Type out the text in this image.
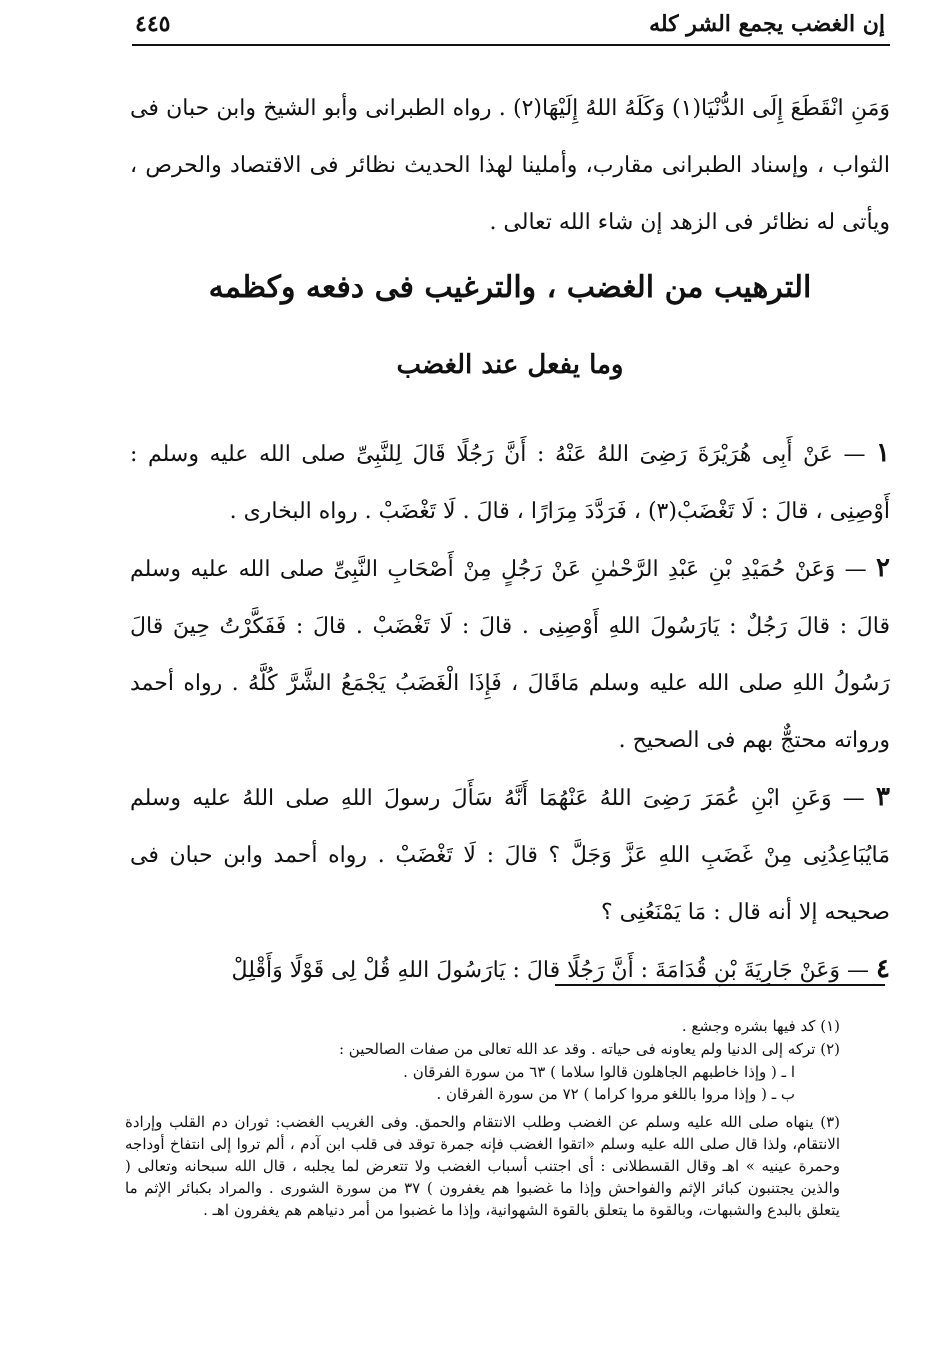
إن الغضب يجمع الشر كله
٤٤٥
وَمَنِ انْقَطَعَ إِلَى الدُّنْيَا(١) وَكَلَهُ اللهُ إِلَيْهَا(٢) . رواه الطبرانى وأبو الشيخ وابن حبان فى الثواب ، وإسناد الطبرانى مقارب، وأملينا لهذا الحديث نظائر فى الاقتصاد والحرص ، ويأتى له نظائر فى الزهد إن شاء الله تعالى .
الترهيب من الغضب ، والترغيب فى دفعه وكظمه
وما يفعل عند الغضب

١ — عَنْ أَبِى هُرَيْرَةَ رَضِىَ اللهُ عَنْهُ : أَنَّ رَجُلًا قَالَ لِلنَّبِىِّ صلى الله عليه وسلم : أَوْصِنِى ، قالَ : لَا تَغْضَبْ(٣) ، فَرَدَّدَ مِرَارًا ، قالَ . لَا تَغْضَبْ . رواه البخارى .

٢ — وَعَنْ حُمَيْدِ بْنِ عَبْدِ الرَّحْمٰنِ عَنْ رَجُلٍ مِنْ أَصْحَابِ النَّبِىِّ صلى الله عليه وسلم قالَ : قالَ رَجُلٌ : يَارَسُولَ اللهِ أَوْصِنِى . قالَ : لَا تَغْضَبْ . قالَ : فَفَكَّرْتُ حِينَ قالَ رَسُولُ اللهِ صلى الله عليه وسلم مَاقَالَ ، فَإِذَا الْغَضَبُ يَجْمَعُ الشَّرَّ كُلَّهُ . رواه أحمد ورواته محتجٌّ بهم فى الصحيح .

٣ — وَعَنِ ابْنِ عُمَرَ رَضِىَ اللهُ عَنْهُمَا أَنَّهُ سَأَلَ رسولَ اللهِ صلى اللهُ عليه وسلم مَايُبَاعِدُنِى مِنْ غَضَبِ اللهِ عَزَّ وَجَلَّ ؟ قالَ : لَا تَغْضَبْ . رواه أحمد وابن حبان فى صحيحه إلا أنه قال : مَا يَمْنَعُنِى ؟

٤ — وَعَنْ جَارِيَةَ بْنِ قُدَامَةَ : أَنَّ رَجُلًا قالَ : يَارَسُولَ اللهِ قُلْ لِى قَوْلًا وَأَقْلِلْ

(١) كد فيها بشره وجشع .

(٢) تركه إلى الدنيا ولم يعاونه فى حياته . وقد عد الله تعالى من صفات الصالحين :

ا ـ ( وإذا خاطبهم الجاهلون قالوا سلاما ) ٦٣ من سورة الفرقان .

ب ـ ( وإذا مروا باللغو مروا كراما ) ٧٢ من سورة الفرقان .

(٣) ينهاه صلى الله عليه وسلم عن الغضب وطلب الانتقام والحمق. وفى الغريب الغضب: ثوران دم القلب وإرادة الانتقام، ولذا قال صلى الله عليه وسلم «اتقوا الغضب فإنه جمرة توقد فى قلب ابن آدم ، ألم تروا إلى انتفاخ أوداجه وحمرة عينيه » اهـ وقال القسطلانى : أى اجتنب أسباب الغضب ولا تتعرض لما يجلبه ، قال الله سبحانه وتعالى ( والذين يجتنبون كبائر الإثم والفواحش وإذا ما غضبوا هم يغفرون ) ٣٧ من سورة الشورى . والمراد بكبائر الإثم ما يتعلق بالبدع والشبهات، وبالقوة ما يتعلق بالقوة الشهوانية، وإذا ما غضبوا من أمر دنياهم هم يغفرون اهـ .
